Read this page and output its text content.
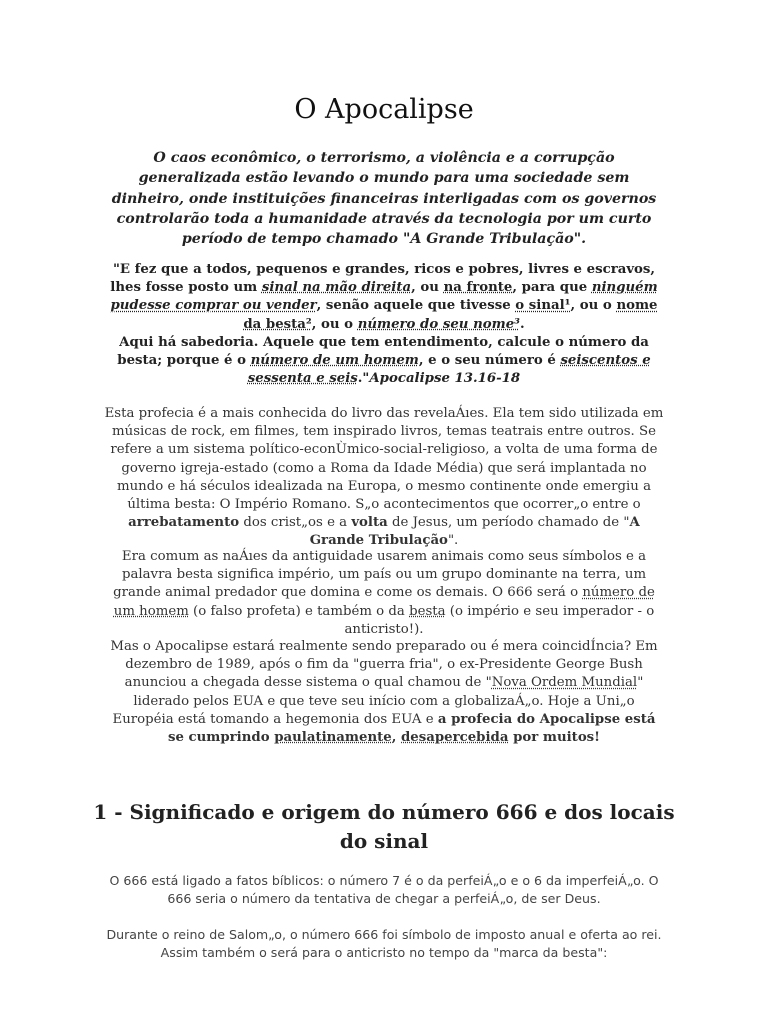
O Apocalipse

O caos econômico, o terrorismo, a violência e a corrupção generalizada estão levando o mundo para uma sociedade sem dinheiro, onde instituições financeiras interligadas com os governos controlarão toda a humanidade através da tecnologia por um curto período de tempo chamado "A Grande Tribulação".

"E fez que a todos, pequenos e grandes, ricos e pobres, livres e escravos, lhes fosse posto um sinal na mão direita, ou na fronte, para que ninguém pudesse comprar ou vender, senão aquele que tivesse o sinal¹, ou o nome da besta², ou o número do seu nome³.
Aqui há sabedoria. Aquele que tem entendimento, calcule o número da besta; porque é o número de um homem, e o seu número é seiscentos e sessenta e seis."Apocalipse 13.16-18

Esta profecia é a mais conhecida do livro das revelaÁıes. Ela tem sido utilizada em músicas de rock, em filmes, tem inspirado livros, temas teatrais entre outros. Se refere a um sistema político-econÙmico-social-religioso, a volta de uma forma de governo igreja-estado (como a Roma da Idade Média) que será implantada no mundo e há séculos idealizada na Europa, o mesmo continente onde emergiu a última besta: O Império Romano. S„o acontecimentos que ocorrer„o entre o arrebatamento dos crist„os e a volta de Jesus, um período chamado de "A Grande Tribulação".

Era comum as naÁıes da antiguidade usarem animais como seus símbolos e a palavra besta significa império, um país ou um grupo dominante na terra, um grande animal predador que domina e come os demais. O 666 será o número de um homem (o falso profeta) e também o da besta (o império e seu imperador - o anticristo!).

Mas o Apocalipse estará realmente sendo preparado ou é mera coincidÍncia? Em dezembro de 1989, após o fim da "guerra fria", o ex-Presidente George Bush anunciou a chegada desse sistema o qual chamou de "Nova Ordem Mundial" liderado pelos EUA e que teve seu início com a globalizaÁ„o. Hoje a Uni„o Européia está tomando a hegemonia dos EUA e a profecia do Apocalipse está se cumprindo paulatinamente, desapercebida por muitos!

1 - Significado e origem do número 666 e dos locais do sinal

O 666 está ligado a fatos bíblicos: o número 7 é o da perfeiÁ„o e o 6 da imperfeiÁ„o. O 666 seria o número da tentativa de chegar a perfeiÁ„o, de ser Deus.

Durante o reino de Salom„o, o número 666 foi símbolo de imposto anual e oferta ao rei. Assim também o será para o anticristo no tempo da "marca da besta":
